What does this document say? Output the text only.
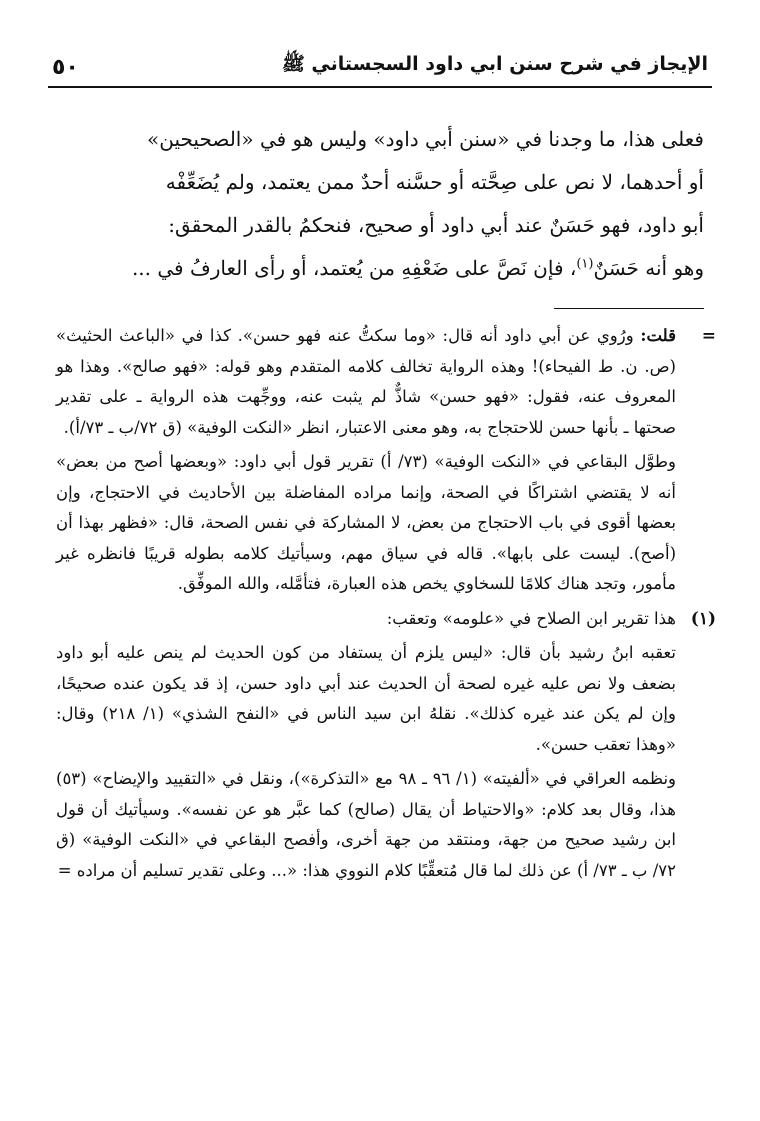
الإيجاز في شرح سنن ابي داود السجستاني ﷺ
٥٠
فعلى هذا، ما وجدنا في «سنن أبي داود» وليس هو في «الصحيحين»
أو أحدهما، لا نص على صِحَّته أو حسَّنه أحدٌ ممن يعتمد، ولم يُضَعِّفْه
أبو داود، فهو حَسَنٌ عند أبي داود أو صحيح، فنحكمُ بالقدر المحقق:
وهو أنه حَسَنٌ$^{(١)}$، فإن نَصَّ على ضَعْفِهِ من يُعتمد، أو رأى العارفُ في ...
=

قلت: ورُوي عن أبي داود أنه قال: «وما سكتُّ عنه فهو حسن». كذا في «الباعث الحثيث» (ص. ن. ط الفيحاء)! وهذه الرواية تخالف كلامه المتقدم وهو قوله: «فهو صالح». وهذا هو المعروف عنه، فقول: «فهو حسن» شاذٌّ لم يثبت عنه، ووجِّهت هذه الرواية ـ على تقدير صحتها ـ بأنها حسن للاحتجاج به، وهو معنى الاعتبار، انظر «النكت الوفية» (ق ٧٢/ب ـ ٧٣/أ).

وطوَّل البقاعي في «النكت الوفية» (٧٣/ أ) تقرير قول أبي داود: «وبعضها أصح من بعض» أنه لا يقتضي اشتراكًا في الصحة، وإنما مراده المفاضلة بين الأحاديث في الاحتجاج، وإن بعضها أقوى في باب الاحتجاج من بعض، لا المشاركة في نفس الصحة، قال: «فظهر بهذا أن (أصح). ليست على بابها». قاله في سياق مهم، وسيأتيك كلامه بطوله قريبًا فانظره غير مأمور، وتجد هناك كلامًا للسخاوي يخص هذه العبارة، فتأمَّله، والله الموفِّق.

(١)

هذا تقرير ابن الصلاح في «علومه» وتعقب:

تعقبه ابنُ رشيد بأن قال: «ليس يلزم أن يستفاد من كون الحديث لم ينص عليه أبو داود بضعف ولا نص عليه غيره لصحة أن الحديث عند أبي داود حسن، إذ قد يكون عنده صحيحًا، وإن لم يكن عند غيره كذلك». نقلهُ ابن سيد الناس في «النفح الشذي» (١/ ٢١٨) وقال: «وهذا تعقب حسن».

ونظمه العراقي في «ألفيته» (١/ ٩٦ ـ ٩٨ مع «التذكرة»)، ونقل في «التقييد والإيضاح» (٥٣) هذا، وقال بعد كلام: «والاحتياط أن يقال (صالح) كما عبَّر هو عن نفسه». وسيأتيك أن قول ابن رشيد صحيح من جهة، ومنتقد من جهة أخرى، وأفصح البقاعي في «النكت الوفية» (ق ٧٢/ ب ـ ٧٣/ أ) عن ذلك لما قال مُتعقِّبًا كلام النووي هذا: «... وعلى تقدير تسليم أن مراده =
